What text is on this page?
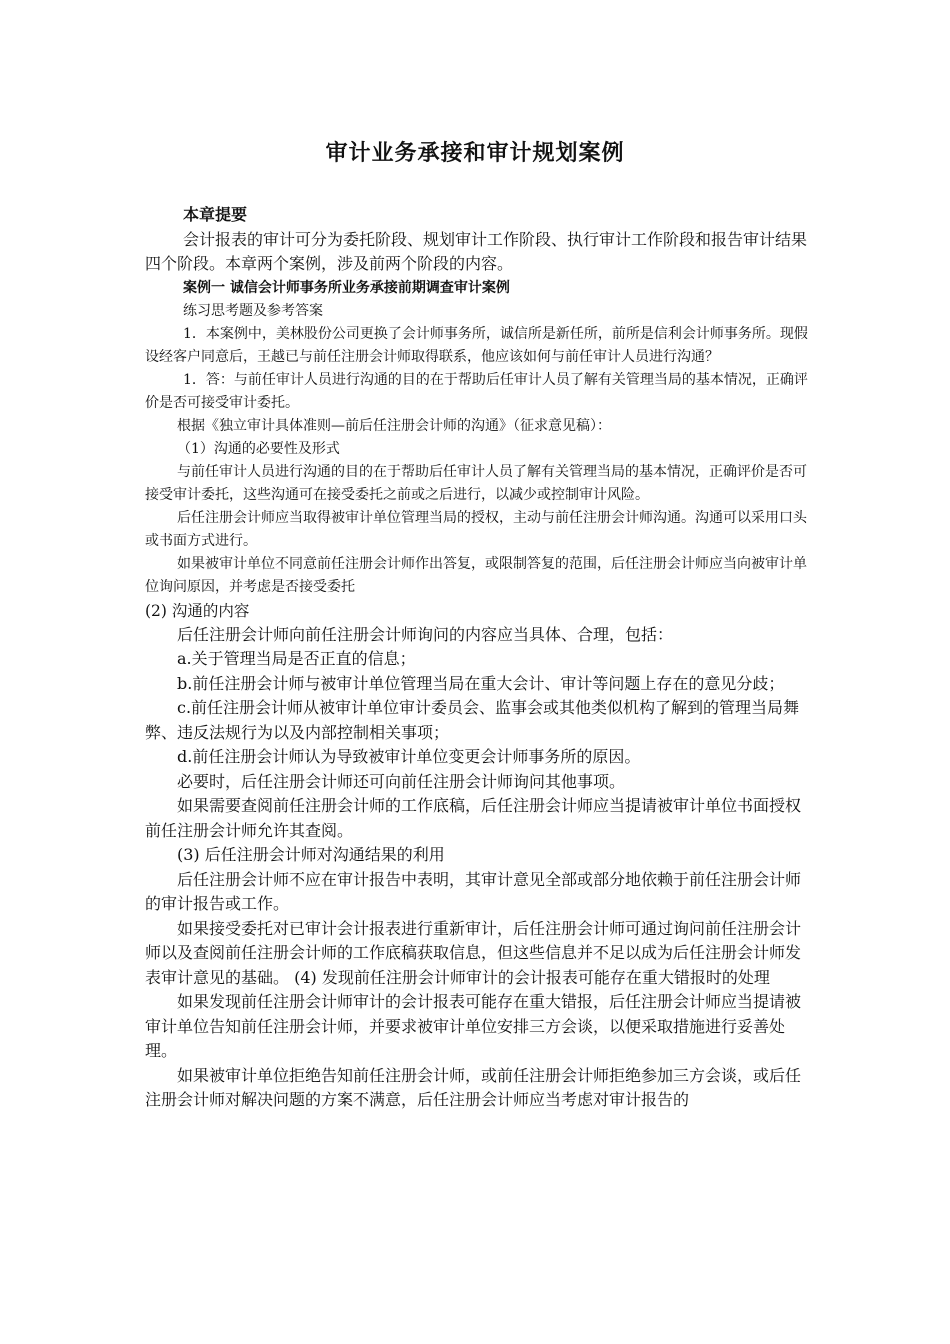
审计业务承接和审计规划案例

本章提要

会计报表的审计可分为委托阶段、规划审计工作阶段、执行审计工作阶段和报告审计结果四个阶段。本章两个案例，涉及前两个阶段的内容。

案例一 诚信会计师事务所业务承接前期调查审计案例

练习思考题及参考答案

1．本案例中，美林股份公司更换了会计师事务所，诚信所是新任所，前所是信利会计师事务所。现假设经客户同意后，王越已与前任注册会计师取得联系，他应该如何与前任审计人员进行沟通？

1．答：与前任审计人员进行沟通的目的在于帮助后任审计人员了解有关管理当局的基本情况，正确评价是否可接受审计委托。

根据《独立审计具体准则—前后任注册会计师的沟通》（征求意见稿）：

（1）沟通的必要性及形式

与前任审计人员进行沟通的目的在于帮助后任审计人员了解有关管理当局的基本情况，正确评价是否可接受审计委托，这些沟通可在接受委托之前或之后进行，以减少或控制审计风险。

后任注册会计师应当取得被审计单位管理当局的授权，主动与前任注册会计师沟通。沟通可以采用口头或书面方式进行。

如果被审计单位不同意前任注册会计师作出答复，或限制答复的范围，后任注册会计师应当向被审计单位询问原因，并考虑是否接受委托

(2) 沟通的内容

后任注册会计师向前任注册会计师询问的内容应当具体、合理，包括：

a.关于管理当局是否正直的信息；

b.前任注册会计师与被审计单位管理当局在重大会计、审计等问题上存在的意见分歧；

c.前任注册会计师从被审计单位审计委员会、监事会或其他类似机构了解到的管理当局舞弊、违反法规行为以及内部控制相关事项；

d.前任注册会计师认为导致被审计单位变更会计师事务所的原因。

必要时，后任注册会计师还可向前任注册会计师询问其他事项。

如果需要查阅前任注册会计师的工作底稿，后任注册会计师应当提请被审计单位书面授权前任注册会计师允许其查阅。

(3) 后任注册会计师对沟通结果的利用

后任注册会计师不应在审计报告中表明，其审计意见全部或部分地依赖于前任注册会计师的审计报告或工作。

如果接受委托对已审计会计报表进行重新审计，后任注册会计师可通过询问前任注册会计师以及查阅前任注册会计师的工作底稿获取信息，但这些信息并不足以成为后任注册会计师发表审计意见的基础。 (4) 发现前任注册会计师审计的会计报表可能存在重大错报时的处理

如果发现前任注册会计师审计的会计报表可能存在重大错报，后任注册会计师应当提请被审计单位告知前任注册会计师，并要求被审计单位安排三方会谈，以便采取措施进行妥善处理。

如果被审计单位拒绝告知前任注册会计师，或前任注册会计师拒绝参加三方会谈，或后任注册会计师对解决问题的方案不满意，后任注册会计师应当考虑对审计报告的
